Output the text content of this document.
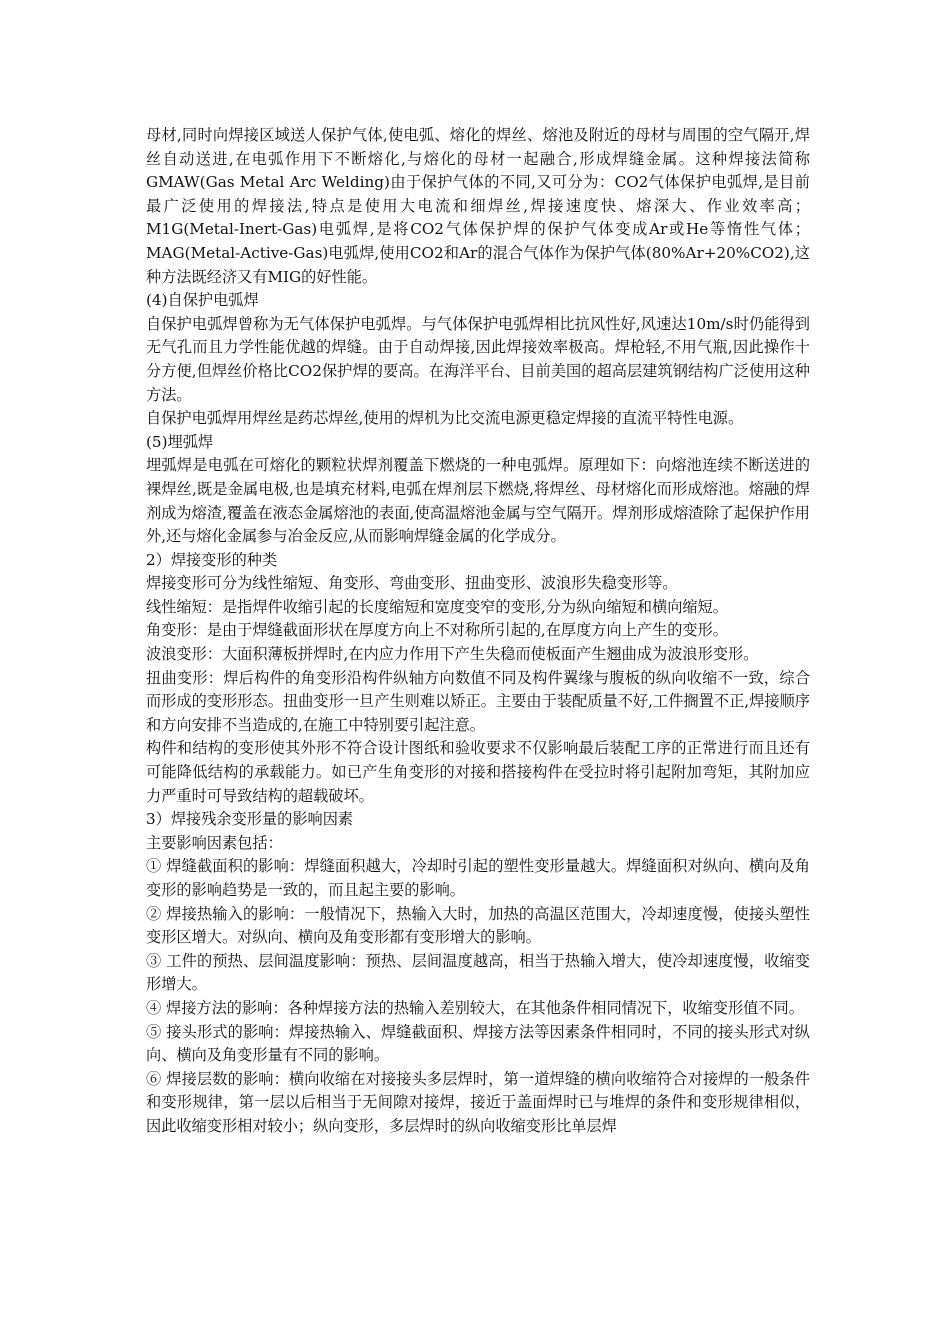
母材,同时向焊接区域送人保护气体,使电弧、熔化的焊丝、熔池及附近的母材与周围的空气隔开,焊丝自动送进,在电弧作用下不断熔化,与熔化的母材一起融合,形成焊缝金属。这种焊接法简称GMAW(Gas Metal Arc Welding)由于保护气体的不同,又可分为：CO2气体保护电弧焊,是目前最广泛使用的焊接法,特点是使用大电流和细焊丝,焊接速度快、熔深大、作业效率高；M1G(Metal-Inert-Gas)电弧焊,是将CO2气体保护焊的保护气体变成Ar或He等惰性气体；MAG(Metal-Active-Gas)电弧焊,使用CO2和Ar的混合气体作为保护气体(80%Ar+20%CO2),这种方法既经济又有MIG的好性能。

(4)自保护电弧焊

自保护电弧焊曾称为无气体保护电弧焊。与气体保护电弧焊相比抗风性好,风速达10m/s时仍能得到无气孔而且力学性能优越的焊缝。由于自动焊接,因此焊接效率极高。焊枪轻,不用气瓶,因此操作十分方便,但焊丝价格比CO2保护焊的要高。在海洋平台、目前美国的超高层建筑钢结构广泛使用这种方法。

自保护电弧焊用焊丝是药芯焊丝,使用的焊机为比交流电源更稳定焊接的直流平特性电源。

(5)埋弧焊

埋弧焊是电弧在可熔化的颗粒状焊剂覆盖下燃烧的一种电弧焊。原理如下：向熔池连续不断送进的裸焊丝,既是金属电极,也是填充材料,电弧在焊剂层下燃烧,将焊丝、母材熔化而形成熔池。熔融的焊剂成为熔渣,覆盖在液态金属熔池的表面,使高温熔池金属与空气隔开。焊剂形成熔渣除了起保护作用外,还与熔化金属参与冶金反应,从而影响焊缝金属的化学成分。

2）焊接变形的种类

焊接变形可分为线性缩短、角变形、弯曲变形、扭曲变形、波浪形失稳变形等。

线性缩短：是指焊件收缩引起的长度缩短和宽度变窄的变形,分为纵向缩短和横向缩短。

角变形：是由于焊缝截面形状在厚度方向上不对称所引起的,在厚度方向上产生的变形。

波浪变形：大面积薄板拼焊时,在内应力作用下产生失稳而使板面产生翘曲成为波浪形变形。

扭曲变形：焊后构件的角变形沿构件纵轴方向数值不同及构件翼缘与腹板的纵向收缩不一致，综合而形成的变形形态。扭曲变形一旦产生则难以矫正。主要由于装配质量不好,工件搁置不正,焊接顺序和方向安排不当造成的,在施工中特别要引起注意。

构件和结构的变形使其外形不符合设计图纸和验收要求不仅影响最后装配工序的正常进行而且还有可能降低结构的承载能力。如已产生角变形的对接和搭接构件在受拉时将引起附加弯矩，其附加应力严重时可导致结构的超载破坏。

3）焊接残余变形量的影响因素

主要影响因素包括：

① 焊缝截面积的影响：焊缝面积越大，冷却时引起的塑性变形量越大。焊缝面积对纵向、横向及角变形的影响趋势是一致的，而且起主要的影响。

② 焊接热输入的影响：一般情况下，热输入大时，加热的高温区范围大，冷却速度慢，使接头塑性变形区增大。对纵向、横向及角变形都有变形增大的影响。

③ 工件的预热、层间温度影响：预热、层间温度越高，相当于热输入增大，使冷却速度慢，收缩变形增大。

④ 焊接方法的影响：各种焊接方法的热输入差别较大，在其他条件相同情况下，收缩变形值不同。

⑤ 接头形式的影响：焊接热输入、焊缝截面积、焊接方法等因素条件相同时，不同的接头形式对纵向、横向及角变形量有不同的影响。

⑥ 焊接层数的影响：横向收缩在对接接头多层焊时，第一道焊缝的横向收缩符合对接焊的一般条件和变形规律，第一层以后相当于无间隙对接焊，接近于盖面焊时已与堆焊的条件和变形规律相似，因此收缩变形相对较小；纵向变形，多层焊时的纵向收缩变形比单层焊
